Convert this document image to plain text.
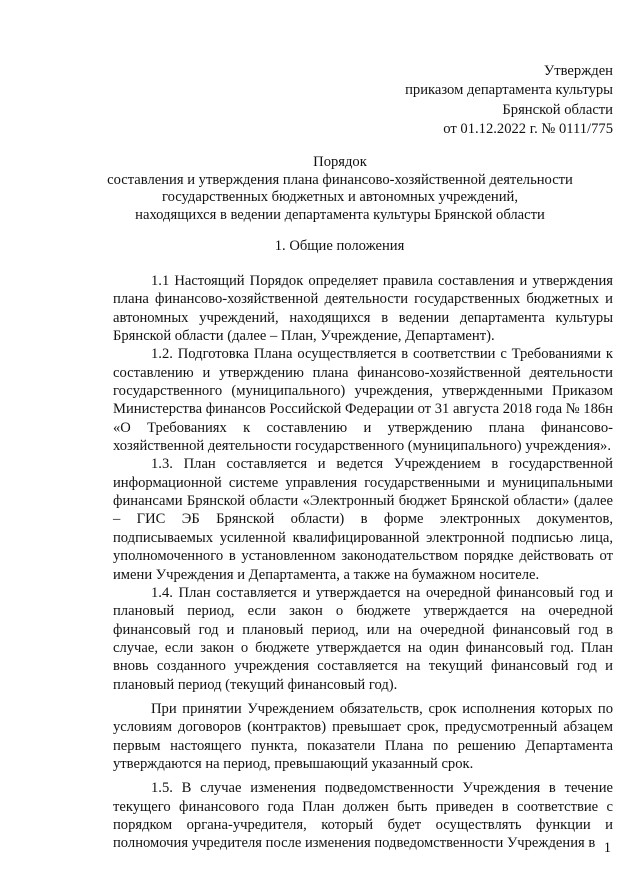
Утвержден
приказом департамента культуры
Брянской области
от 01.12.2022 г. № 0111/775
Порядок
составления и утверждения плана финансово-хозяйственной деятельности
государственных бюджетных и автономных учреждений,
находящихся в ведении департамента культуры Брянской области
1. Общие положения

1.1 Настоящий Порядок определяет правила составления и утверждения плана финансово-хозяйственной деятельности государственных бюджетных и автономных учреждений, находящихся в ведении департамента культуры Брянской области (далее – План, Учреждение, Департамент).

1.2. Подготовка Плана осуществляется в соответствии с Требованиями к составлению и утверждению плана финансово-хозяйственной деятельности государственного (муниципального) учреждения, утвержденными Приказом Министерства финансов Российской Федерации от 31 августа 2018 года № 186н «О Требованиях к составлению и утверждению плана финансово-хозяйственной деятельности государственного (муниципального) учреждения».

1.3. План составляется и ведется Учреждением в государственной информационной системе управления государственными и муниципальными финансами Брянской области «Электронный бюджет Брянской области» (далее – ГИС ЭБ Брянской области) в форме электронных документов, подписываемых усиленной квалифицированной электронной подписью лица, уполномоченного в установленном законодательством порядке действовать от имени Учреждения и Департамента, а также на бумажном носителе.

1.4. План составляется и утверждается на очередной финансовый год и плановый период, если закон о бюджете утверждается на очередной финансовый год и плановый период, или на очередной финансовый год в случае, если закон о бюджете утверждается на один финансовый год. План вновь созданного учреждения составляется на текущий финансовый год и плановый период (текущий финансовый год).

При принятии Учреждением обязательств, срок исполнения которых по условиям договоров (контрактов) превышает срок, предусмотренный абзацем первым настоящего пункта, показатели Плана по решению Департамента утверждаются на период, превышающий указанный срок.

1.5. В случае изменения подведомственности Учреждения в течение текущего финансового года План должен быть приведен в соответствие с порядком органа-учредителя, который будет осуществлять функции и полномочия учредителя после изменения подведомственности Учреждения в 1
